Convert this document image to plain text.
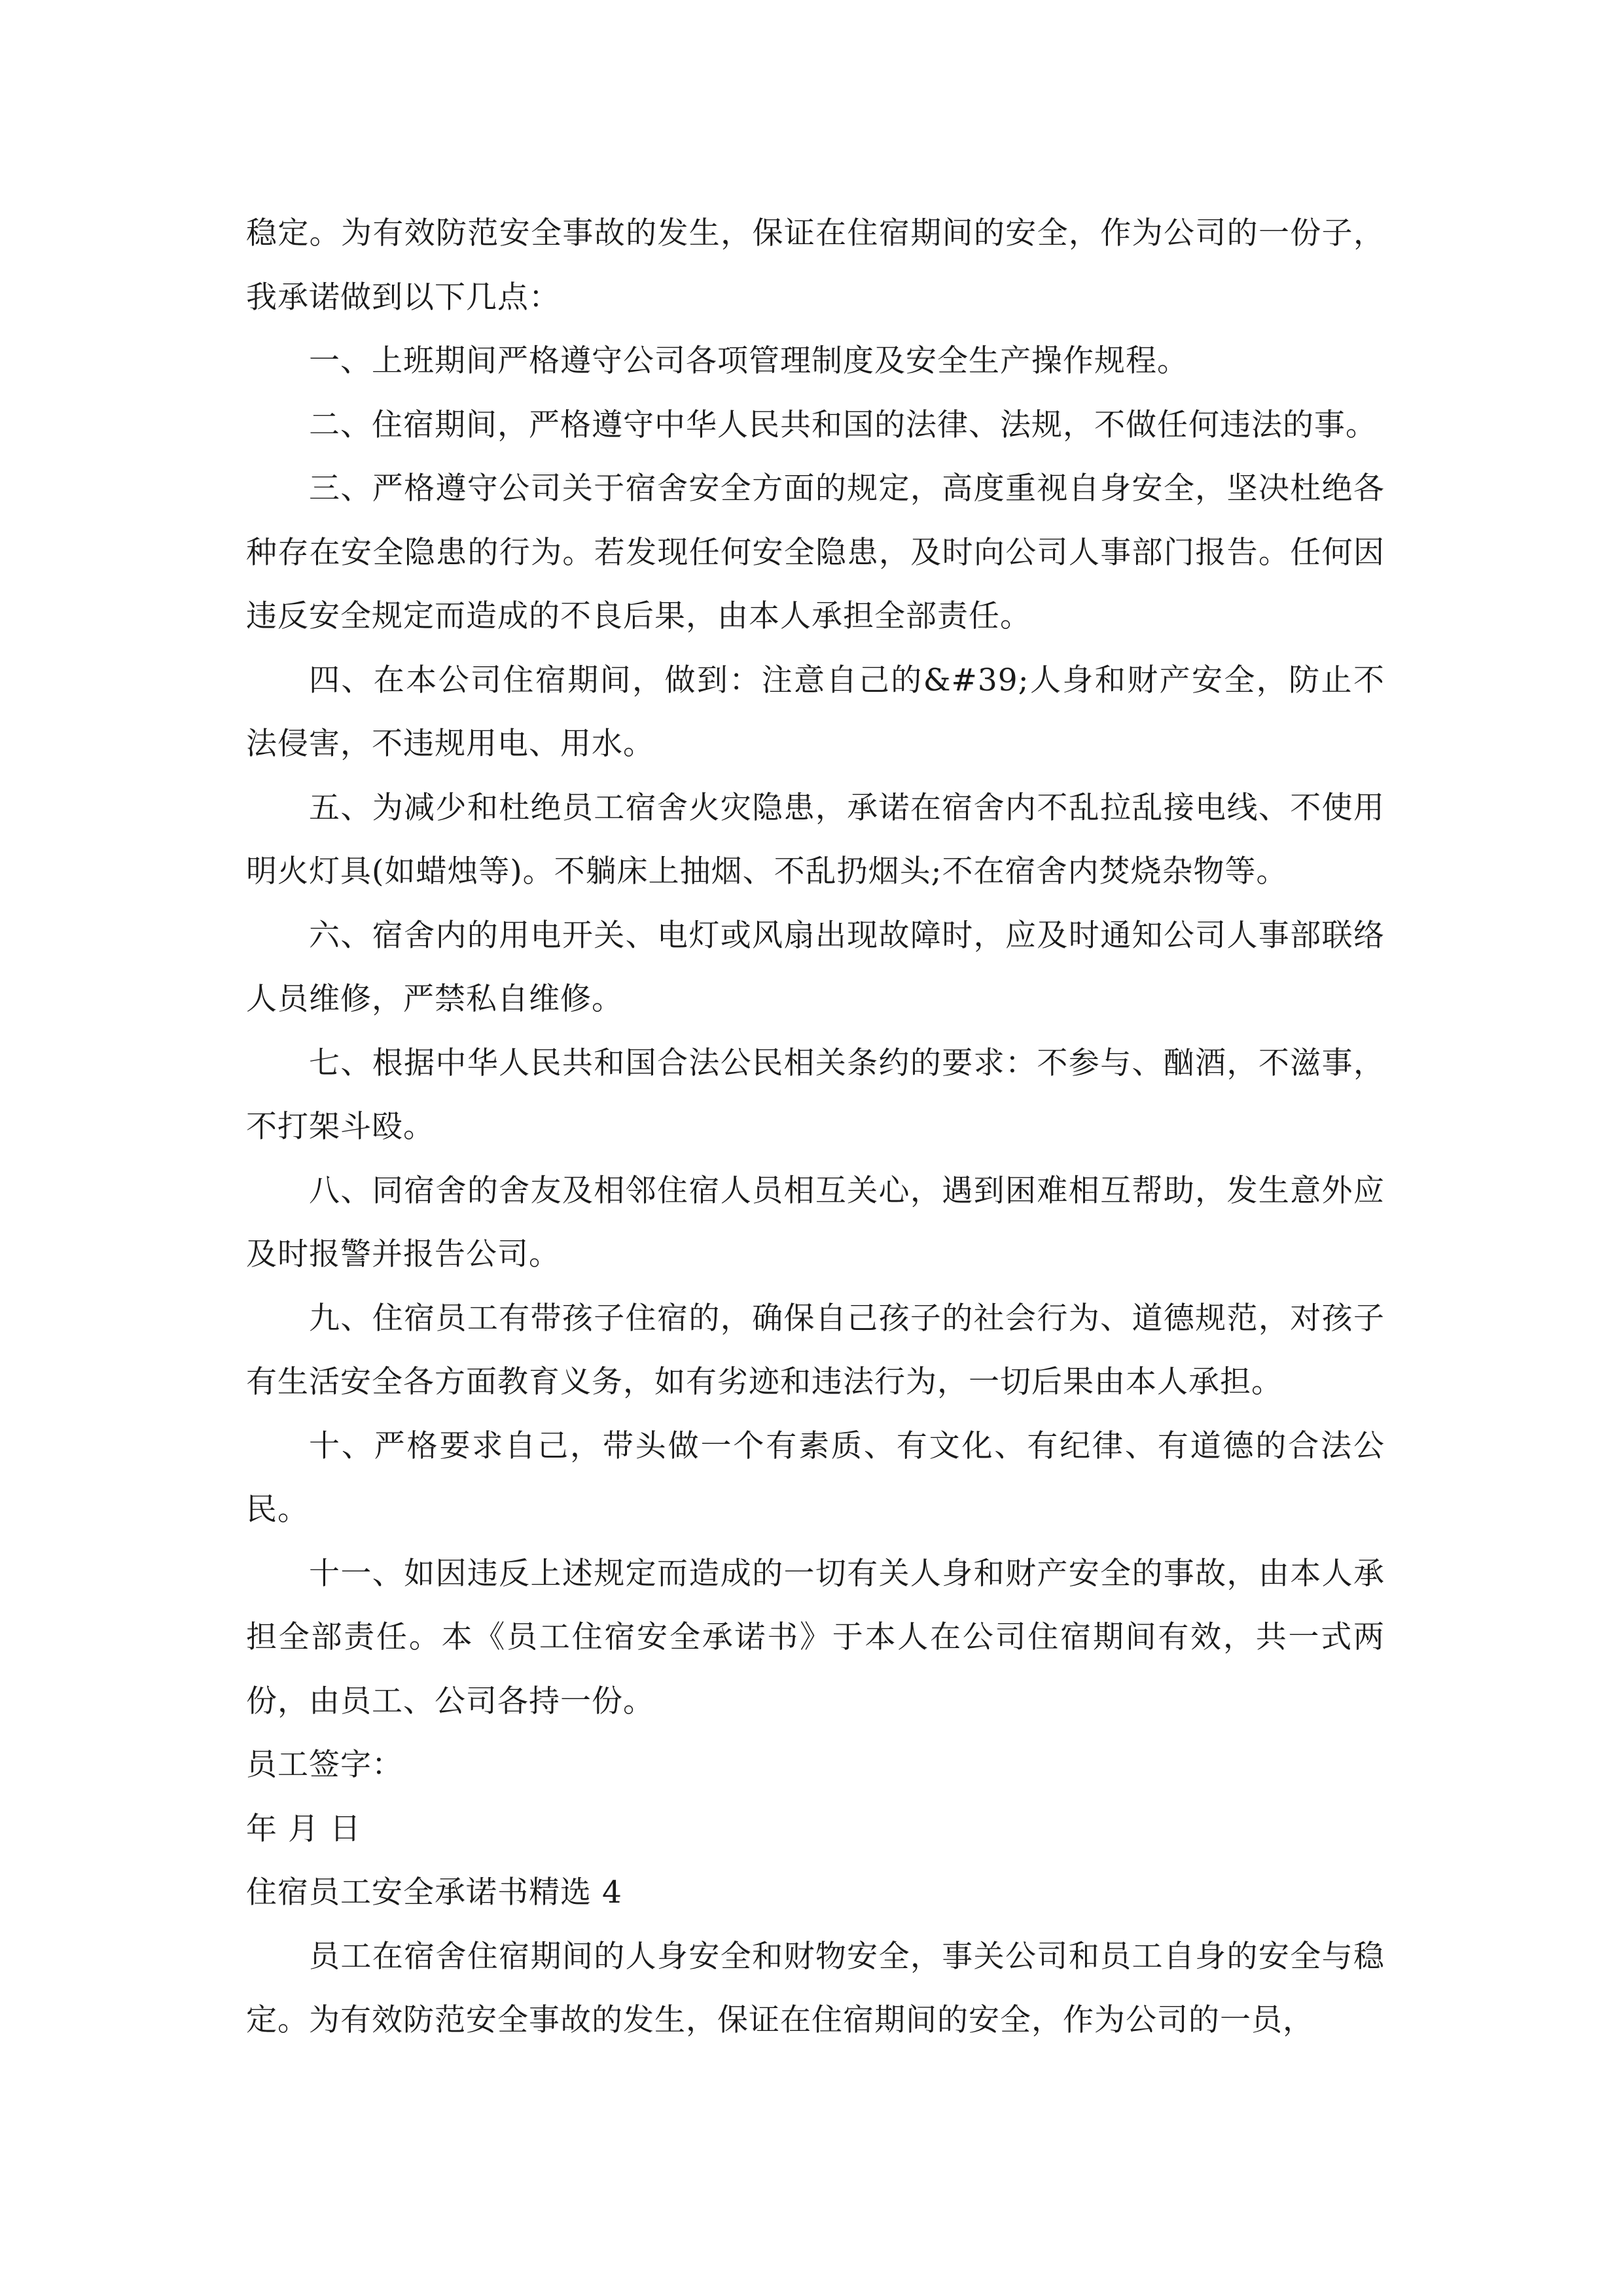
稳定。为有效防范安全事故的发生，保证在住宿期间的安全，作为公司的一份子，我承诺做到以下几点：

一、上班期间严格遵守公司各项管理制度及安全生产操作规程。

二、住宿期间，严格遵守中华人民共和国的法律、法规，不做任何违法的事。

三、严格遵守公司关于宿舍安全方面的规定，高度重视自身安全，坚决杜绝各种存在安全隐患的行为。若发现任何安全隐患，及时向公司人事部门报告。任何因违反安全规定而造成的不良后果，由本人承担全部责任。

四、在本公司住宿期间，做到：注意自己的&#39;人身和财产安全，防止不法侵害，不违规用电、用水。

五、为减少和杜绝员工宿舍火灾隐患，承诺在宿舍内不乱拉乱接电线、不使用明火灯具(如蜡烛等)。不躺床上抽烟、不乱扔烟头;不在宿舍内焚烧杂物等。

六、宿舍内的用电开关、电灯或风扇出现故障时，应及时通知公司人事部联络人员维修，严禁私自维修。

七、根据中华人民共和国合法公民相关条约的要求：不参与、酗酒，不滋事，不打架斗殴。

八、同宿舍的舍友及相邻住宿人员相互关心，遇到困难相互帮助，发生意外应及时报警并报告公司。

九、住宿员工有带孩子住宿的，确保自己孩子的社会行为、道德规范，对孩子有生活安全各方面教育义务，如有劣迹和违法行为，一切后果由本人承担。

十、严格要求自己，带头做一个有素质、有文化、有纪律、有道德的合法公民。

十一、如因违反上述规定而造成的一切有关人身和财产安全的事故，由本人承担全部责任。本《员工住宿安全承诺书》于本人在公司住宿期间有效，共一式两份，由员工、公司各持一份。

员工签字：

年 月 日

住宿员工安全承诺书精选 4

员工在宿舍住宿期间的人身安全和财物安全，事关公司和员工自身的安全与稳定。为有效防范安全事故的发生，保证在住宿期间的安全，作为公司的一员，
